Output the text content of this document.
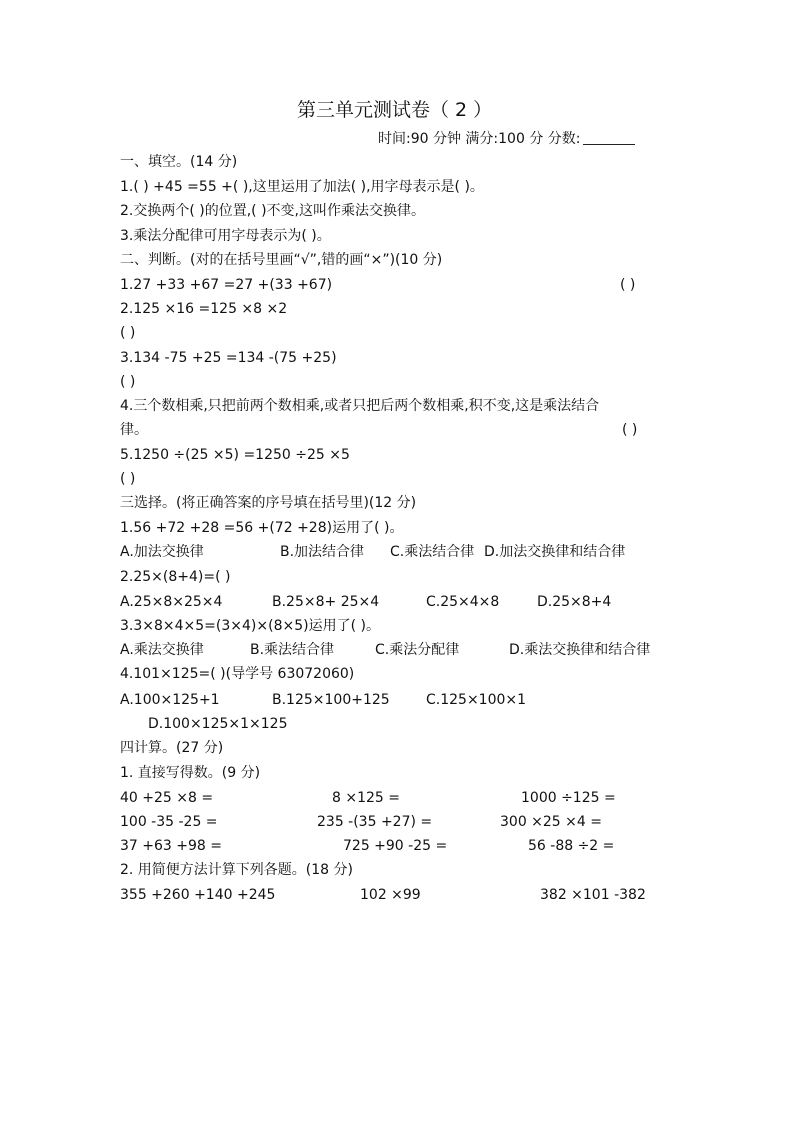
第三单元测试卷（ 2 ）
时间:90 分钟 满分:100 分 分数:
一、填空。(14 分)
1.( ) +45 =55 +( ),这里运用了加法( ),用字母表示是( )。
2.交换两个( )的位置,( )不变,这叫作乘法交换律。
3.乘法分配律可用字母表示为( )。
二、判断。(对的在括号里画“√”,错的画“×”)(10 分)
1.27 +33 +67 =27 +(33 +67)	( )
2.125 ×16 =125 ×8 ×2
( )
3.134 -75 +25 =134 -(75 +25)
( )
4.三个数相乘,只把前两个数相乘,或者只把后两个数相乘,积不变,这是乘法结合
律。	( )
5.1250 ÷(25 ×5) =1250 ÷25 ×5
( )
三选择。(将正确答案的序号填在括号里)(12 分)
1.56 +72 +28 =56 +(72 +28)运用了( )。
A.加法交换律	B.加法结合律 C.乘法结合律 D.加法交换律和结合律
2.25×(8+4)=( )
A.25×8×25×4	B.25×8+ 25×4	C.25×4×8	D.25×8+4
3.3×8×4×5=(3×4)×(8×5)运用了( )。
A.乘法交换律	B.乘法结合律	C.乘法分配律	D.乘法交换律和结合律
4.101×125=( )(导学号 63072060)
A.100×125+1	B.125×100+125	C.125×100×1
D.100×125×1×125
四计算。(27 分)
1. 直接写得数。(9 分)
40 +25 ×8 =	8 ×125 =	1000 ÷125 =
100 -35 -25 =	235 -(35 +27) =	300 ×25 ×4 =
37 +63 +98 =	725 +90 -25 =	56 -88 ÷2 =
2. 用简便方法计算下列各题。(18 分)
355 +260 +140 +245	102 ×99	382 ×101 -382
